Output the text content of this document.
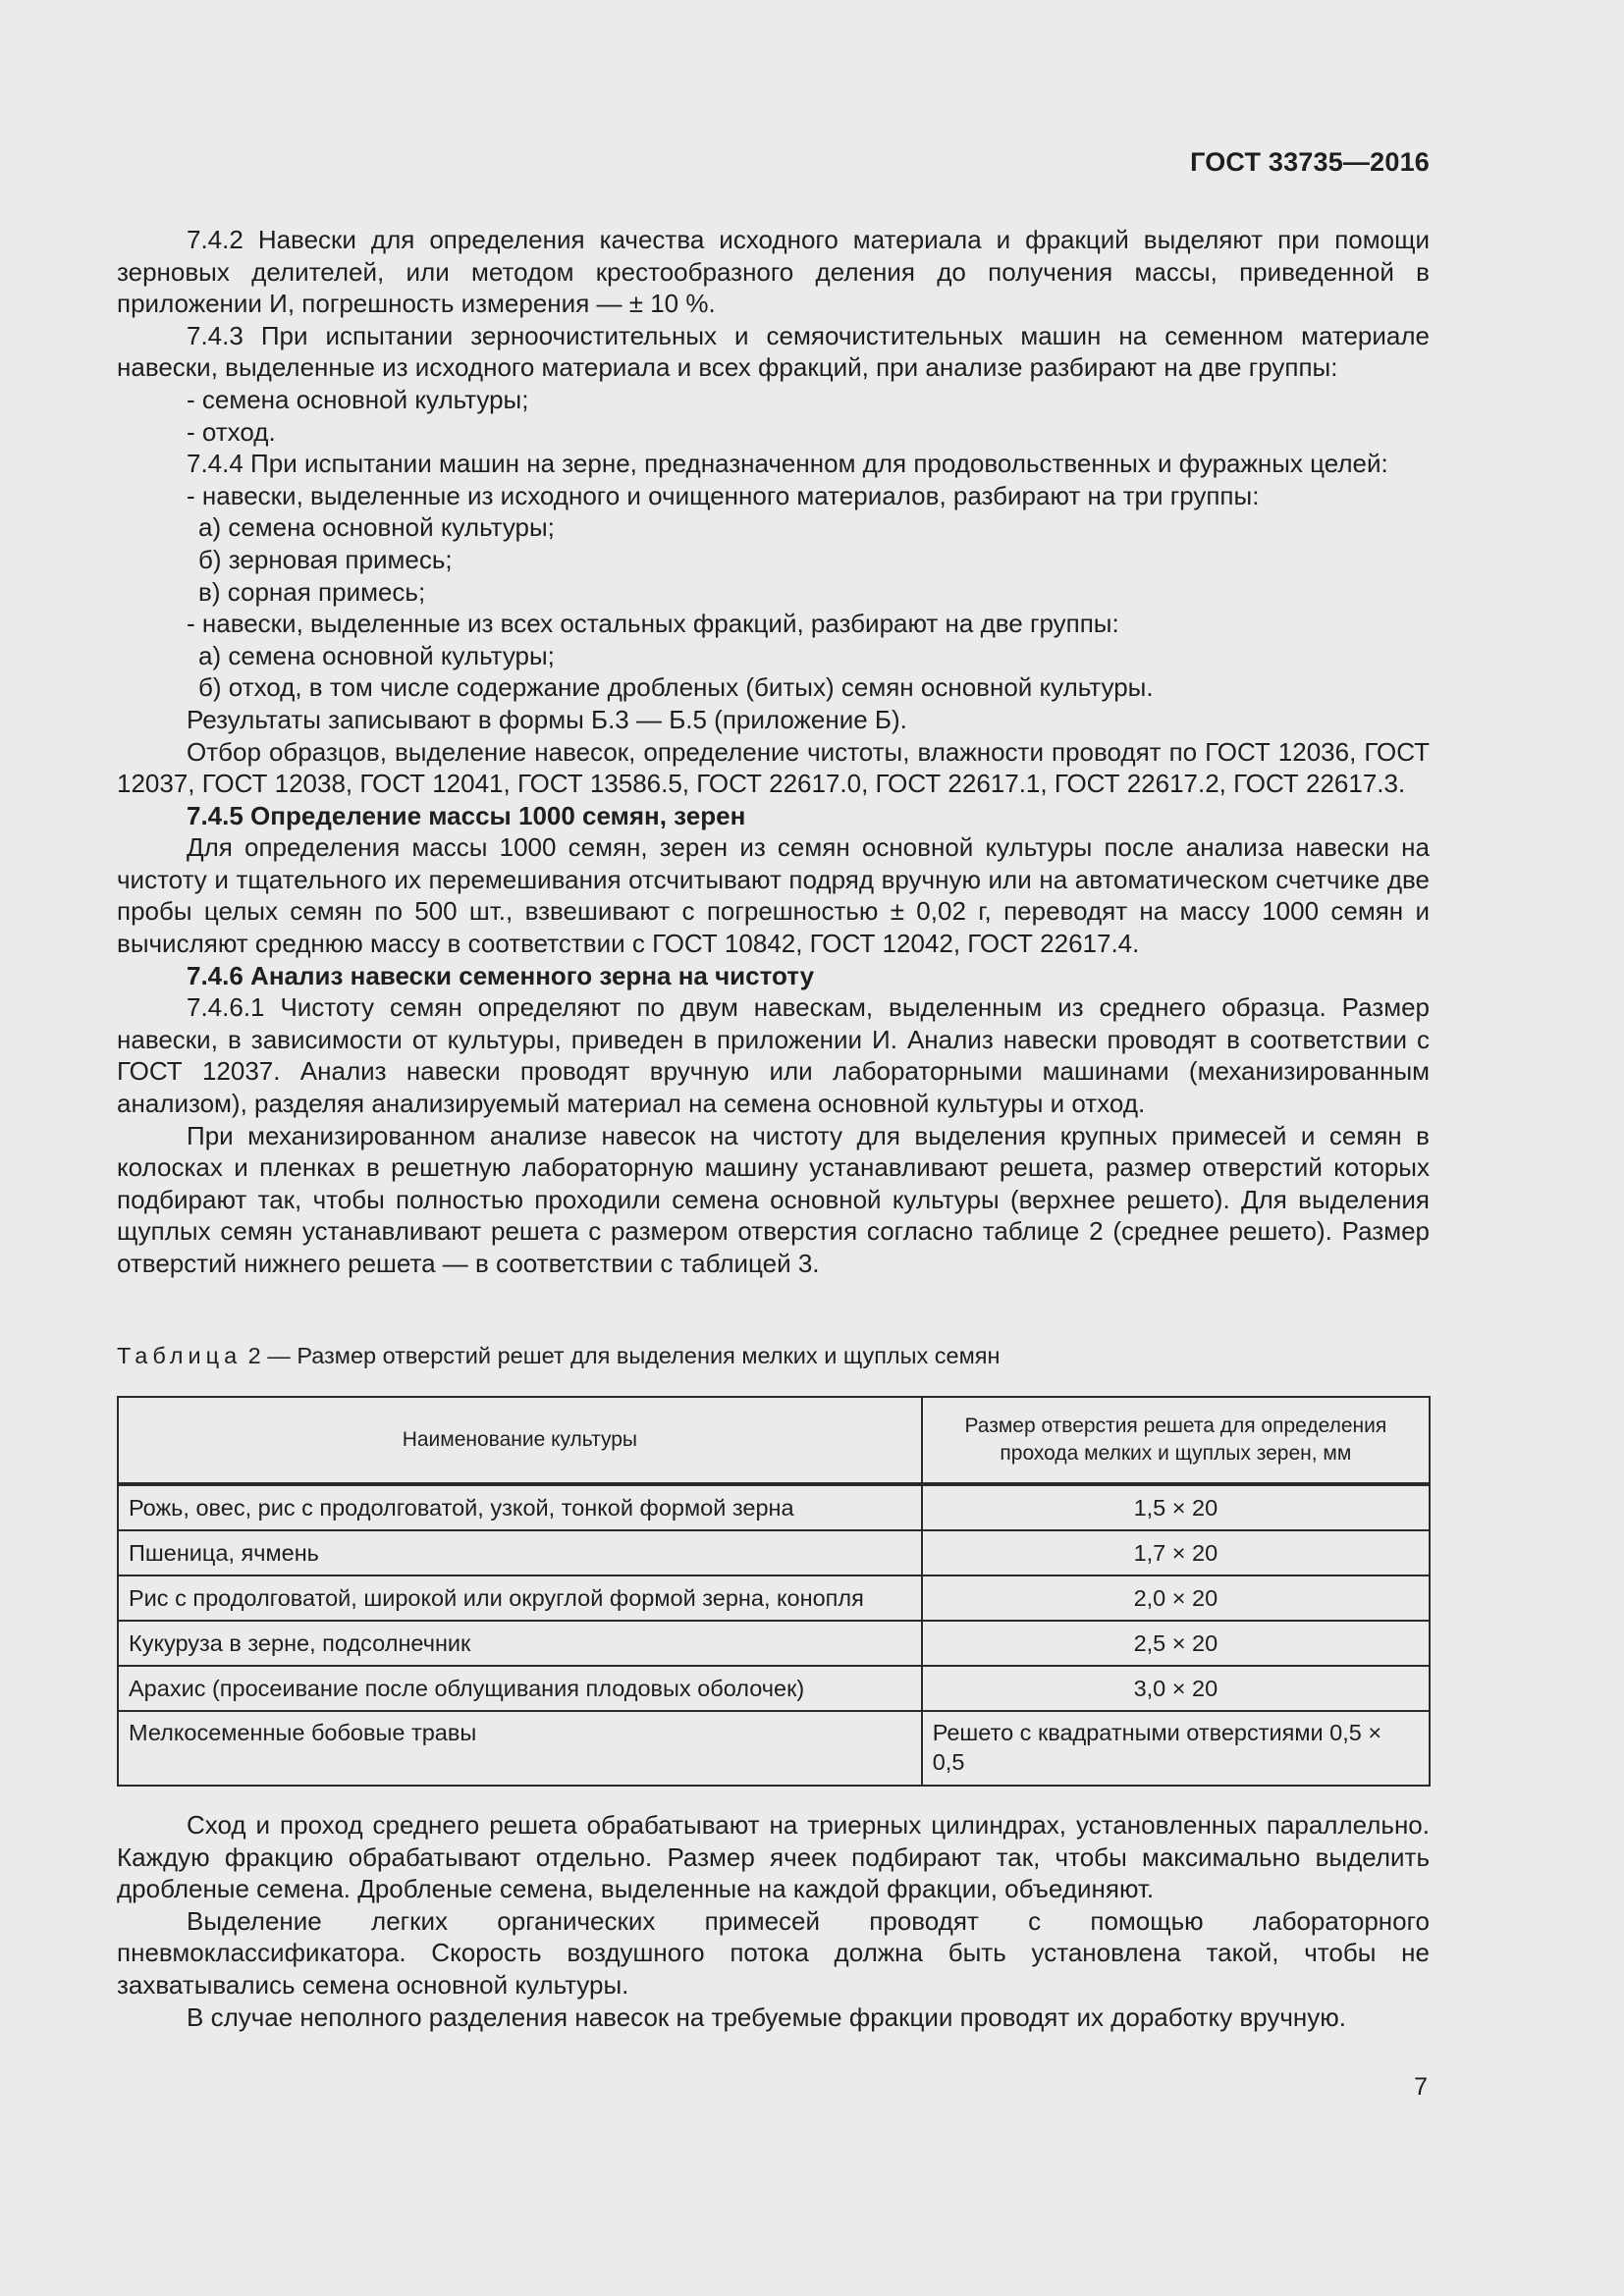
ГОСТ 33735—2016

7.4.2 Навески для определения качества исходного материала и фракций выделяют при помощи зерновых делителей, или методом крестообразного деления до получения массы, приведенной в приложении И, погрешность измерения — ± 10 %.

7.4.3 При испытании зерноочистительных и семяочистительных машин на семенном материале навески, выделенные из исходного материала и всех фракций, при анализе разбирают на две группы:

- семена основной культуры;

- отход.

7.4.4 При испытании машин на зерне, предназначенном для продовольственных и фуражных целей:

- навески, выделенные из исходного и очищенного материалов, разбирают на три группы:

а) семена основной культуры;

б) зерновая примесь;

в) сорная примесь;

- навески, выделенные из всех остальных фракций, разбирают на две группы:

а) семена основной культуры;

б) отход, в том числе содержание дробленых (битых) семян основной культуры.

Результаты записывают в формы Б.3 — Б.5 (приложение Б).

Отбор образцов, выделение навесок, определение чистоты, влажности проводят по ГОСТ 12036, ГОСТ 12037, ГОСТ 12038, ГОСТ 12041, ГОСТ 13586.5, ГОСТ 22617.0, ГОСТ 22617.1, ГОСТ 22617.2, ГОСТ 22617.3.

7.4.5 Определение массы 1000 семян, зерен

Для определения массы 1000 семян, зерен из семян основной культуры после анализа навески на чистоту и тщательного их перемешивания отсчитывают подряд вручную или на автоматическом счетчике две пробы целых семян по 500 шт., взвешивают с погрешностью ± 0,02 г, переводят на массу 1000 семян и вычисляют среднюю массу в соответствии с ГОСТ 10842, ГОСТ 12042, ГОСТ 22617.4.

7.4.6 Анализ навески семенного зерна на чистоту

7.4.6.1 Чистоту семян определяют по двум навескам, выделенным из среднего образца. Размер навески, в зависимости от культуры, приведен в приложении И. Анализ навески проводят в соответствии с ГОСТ 12037. Анализ навески проводят вручную или лабораторными машинами (механизированным анализом), разделяя анализируемый материал на семена основной культуры и отход.

При механизированном анализе навесок на чистоту для выделения крупных примесей и семян в колосках и пленках в решетную лабораторную машину устанавливают решета, размер отверстий которых подбирают так, чтобы полностью проходили семена основной культуры (верхнее решето). Для выделения щуплых семян устанавливают решета с размером отверстия согласно таблице 2 (среднее решето). Размер отверстий нижнего решета — в соответствии с таблицей 3.

Таблица 2 — Размер отверстий решет для выделения мелких и щуплых семян
Наименование культуры	Размер отверстия решета для определения прохода мелких и щуплых зерен, мм
Рожь, овес, рис с продолговатой, узкой, тонкой формой зерна	1,5 × 20
Пшеница, ячмень	1,7 × 20
Рис с продолговатой, широкой или округлой формой зерна, конопля	2,0 × 20
Кукуруза в зерне, подсолнечник	2,5 × 20
Арахис (просеивание после облущивания плодовых оболочек)	3,0 × 20
Мелкосеменные бобовые травы	Решето с квадратными отверстиями 0,5 × 0,5

Сход и проход среднего решета обрабатывают на триерных цилиндрах, установленных параллельно. Каждую фракцию обрабатывают отдельно. Размер ячеек подбирают так, чтобы максимально выделить дробленые семена. Дробленые семена, выделенные на каждой фракции, объединяют.

Выделение легких органических примесей проводят с помощью лабораторного пневмоклассификатора. Скорость воздушного потока должна быть установлена такой, чтобы не захватывались семена основной культуры.

В случае неполного разделения навесок на требуемые фракции проводят их доработку вручную.

7
